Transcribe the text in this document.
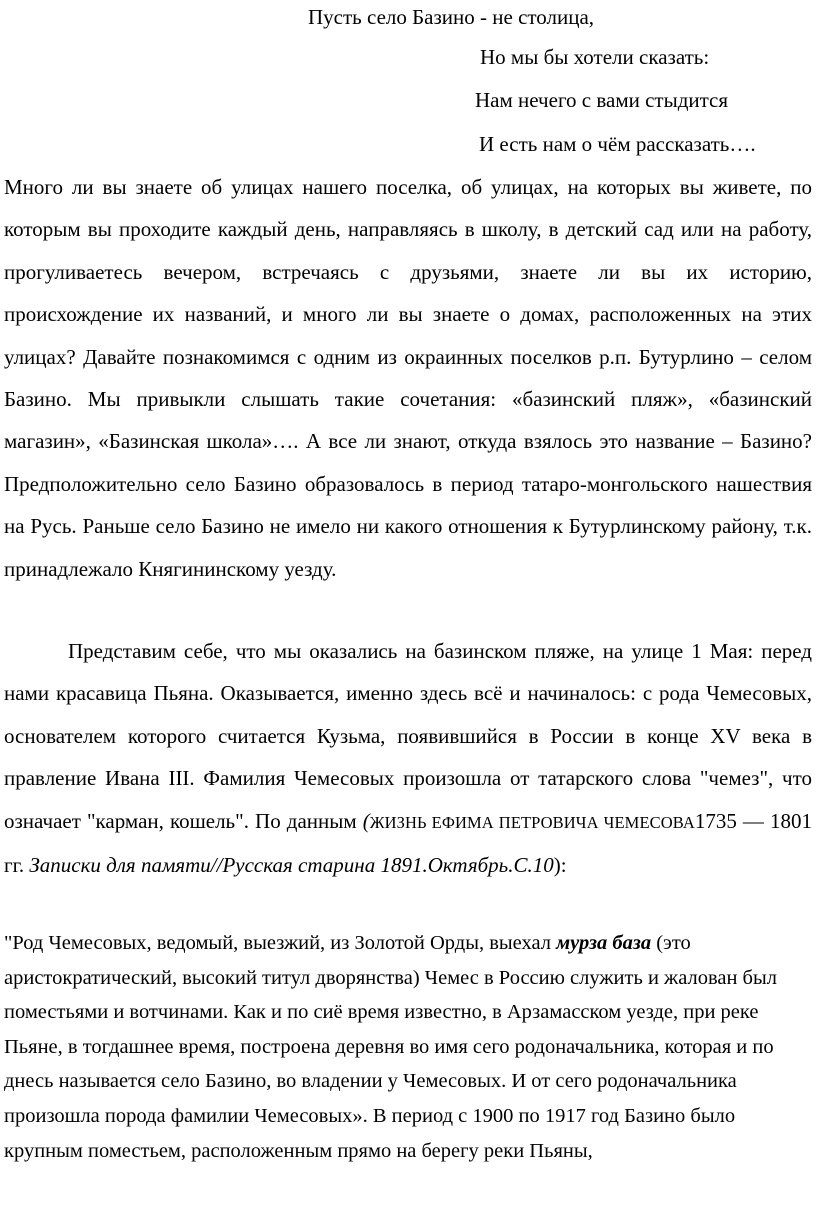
Пусть село Базино - не столица,
Но мы бы хотели сказать:
Нам нечего с вами стыдится
И есть нам о чём рассказать….

Много ли вы знаете об улицах нашего поселка, об улицах, на которых вы живете, по которым вы проходите каждый день, направляясь в школу, в детский сад или на работу, прогуливаетесь вечером, встречаясь с друзьями, знаете ли вы их историю, происхождение их названий, и много ли вы знаете о домах, расположенных на этих улицах? Давайте познакомимся с одним из окраинных поселков р.п. Бутурлино – селом Базино. Мы привыкли слышать такие сочетания: «базинский пляж», «базинский магазин», «Базинская школа»…. А все ли знают, откуда взялось это название – Базино? Предположительно село Базино образовалось в период татаро-монгольского нашествия на Русь. Раньше село Базино не имело ни какого отношения к Бутурлинскому району, т.к. принадлежало Княгининскому уезду.

Представим себе, что мы оказались на базинском пляже, на улице 1 Мая: перед нами красавица Пьяна. Оказывается, именно здесь всё и начиналось: с рода Чемесовых, основателем которого считается Кузьма, появившийся в России в конце XV века в правление Ивана III. Фамилия Чемесовых произошла от татарского слова "чемез", что означает "карман, кошель". По данным (ЖИЗНЬ ЕФИМА ПЕТРОВИЧА ЧЕМЕСОВА1735 — 1801 гг. Записки для памяти//Русская старина 1891.Октябрь.С.10):

"Род Чемесовых, ведомый, выезжий, из Золотой Орды, выехал мурза база (это аристократический, высокий титул дворянства) Чемес в Россию служить и жалован был поместьями и вотчинами. Как и по сиё время известно, в Арзамасском уезде, при реке Пьяне, в тогдашнее время, построена деревня во имя сего родоначальника, которая и по днесь называется село Базино, во владении у Чемесовых. И от сего родоначальника произошла порода фамилии Чемесовых». В период с 1900 по 1917 год Базино было крупным поместьем, расположенным прямо на берегу реки Пьяны,
